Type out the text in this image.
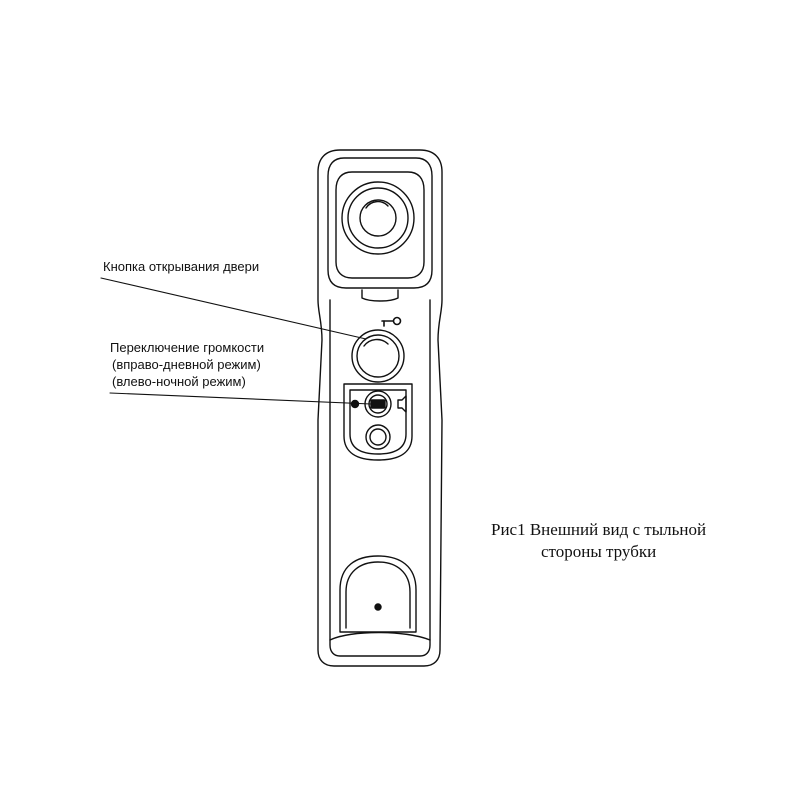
Кнопка открывания двери
Переключение громкости
(вправо-дневной режим)
(влево-ночной режим)
Рис1 Внешний вид с тыльной
стороны трубки
